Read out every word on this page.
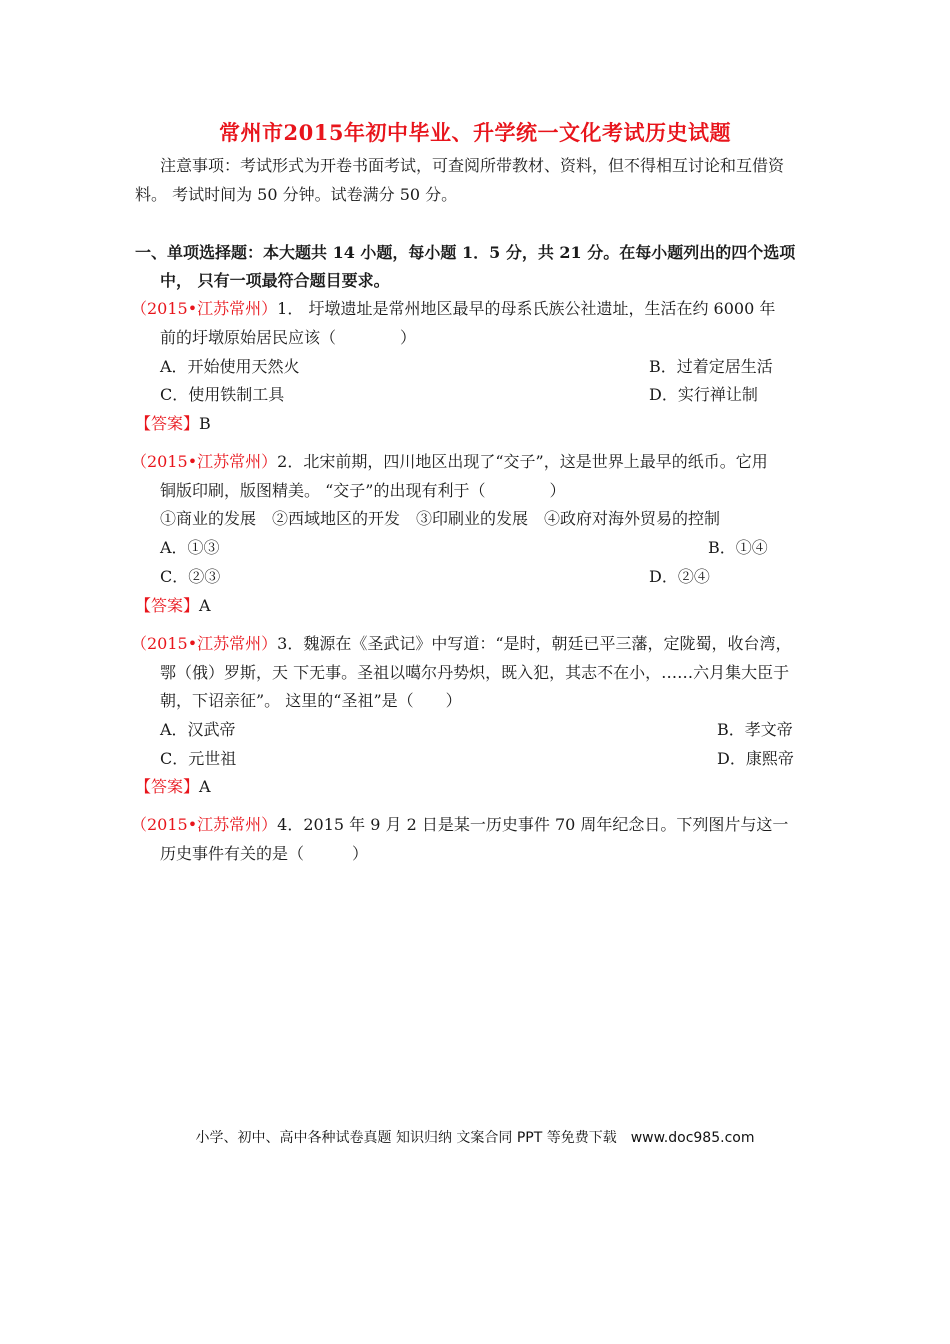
常州市2015年初中毕业、升学统一文化考试历史试题
注意事项：考试形式为开卷书面考试，可查阅所带教材、资料，但不得相互讨论和互借资
料。 考试时间为 50 分钟。试卷满分 50 分。
一、单项选择题：本大题共 14 小题，每小题 1．5 分，共 21 分。在每小题列出的四个选项
中， 只有一项最符合题目要求。
（2015•江苏常州）1． 圩墩遗址是常州地区最早的母系氏族公社遗址，生活在约 6000 年
前的圩墩原始居民应该（　　　　）
A．开始使用天然火	B．过着定居生活
C．使用铁制工具	D．实行禅让制
【答案】B
（2015•江苏常州）2．北宋前期，四川地区出现了“交子”，这是世界上最早的纸币。它用
铜版印刷，版图精美。 “交子”的出现有利于（　　　　）
①商业的发展　②西域地区的开发　③印刷业的发展　④政府对海外贸易的控制
A．①③	B．①④
C．②③	D．②④
【答案】A
（2015•江苏常州）3．魏源在《圣武记》中写道：“是时，朝廷已平三藩，定陇蜀，收台湾，
鄂（俄）罗斯，天 下无事。圣祖以噶尔丹势炽，既入犯，其志不在小，……六月集大臣于
朝，下诏亲征”。 这里的“圣祖”是（　　）
A．汉武帝	B．孝文帝
C．元世祖	D．康熙帝
【答案】A
（2015•江苏常州）4．2015 年 9 月 2 日是某一历史事件 70 周年纪念日。下列图片与这一
历史事件有关的是（　　　）
小学、初中、高中各种试卷真题 知识归纳 文案合同 PPT 等免费下载　www.doc985.com
